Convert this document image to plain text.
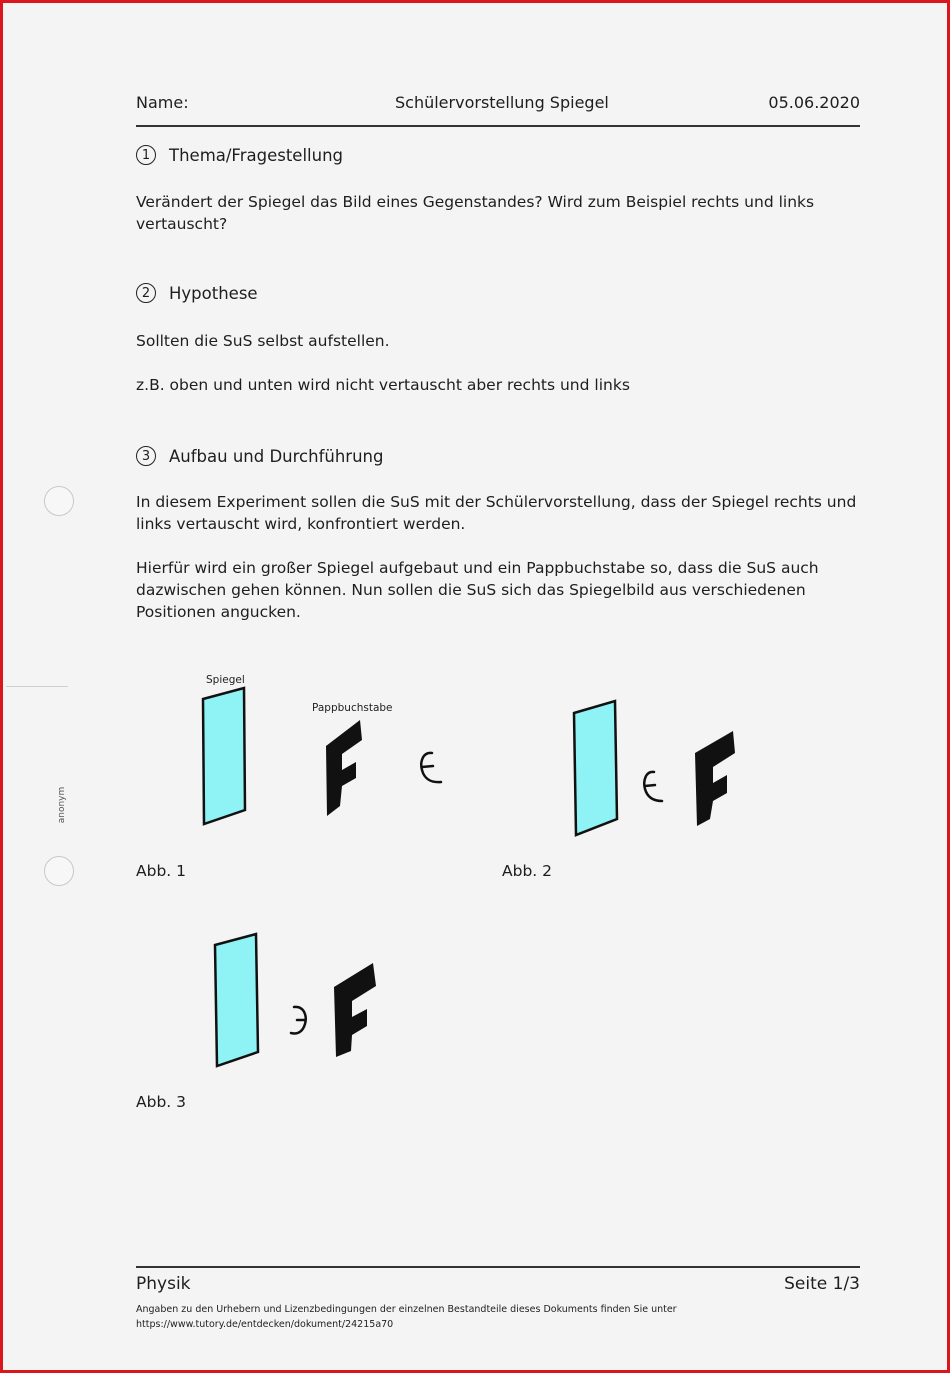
Name:	Schülervorstellung Spiegel	05.06.2020
1	Thema/Fragestellung
Verändert der Spiegel das Bild eines Gegenstandes? Wird zum Beispiel rechts und links vertauscht?
2	Hypothese
Sollten die SuS selbst aufstellen.
z.B. oben und unten wird nicht vertauscht aber rechts und links
3	Aufbau und Durchführung
In diesem Experiment sollen die SuS mit der Schülervorstellung, dass der Spiegel rechts und links vertauscht wird, konfrontiert werden.
Hierfür wird ein großer Spiegel aufgebaut und ein Pappbuchstabe so, dass die SuS auch dazwischen gehen können. Nun sollen die SuS sich das Spiegelbild aus verschiedenen Positionen angucken.
anonym
Spiegel
Pappbuchstabe
Abb. 1	Abb. 2
Abb. 3
Physik	Seite 1/3
Angaben zu den Urhebern und Lizenzbedingungen der einzelnen Bestandteile dieses Dokuments finden Sie unter
https://www.tutory.de/entdecken/dokument/24215a70
